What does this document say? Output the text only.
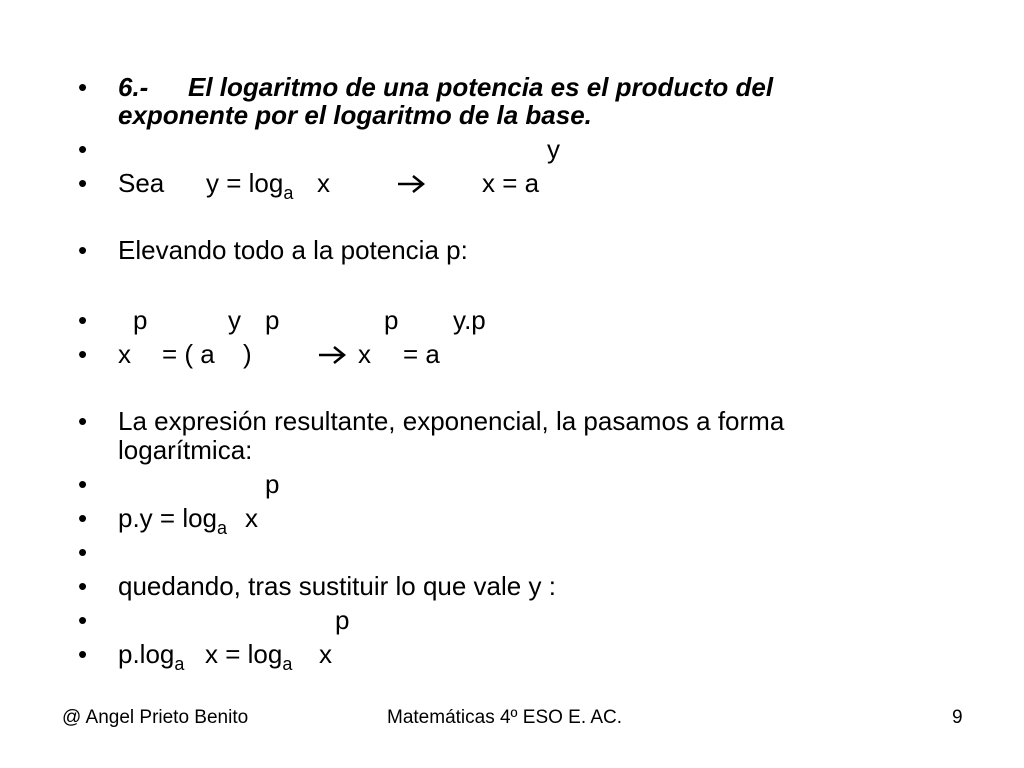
• 6.- El logaritmo de una potencia es el producto del
exponente por el logaritmo de la base.
•	y
• Sea $y = \log_a x$	x = a
• Elevando todo a la potencia p:
• p	y p	p y.p
• x = ( a )	x = a
• La expresión resultante, exponencial, la pasamos a forma
logarítmica:
•	p
• $p.y = \log_a x$
•
• quedando, tras sustituir lo que vale y :
•	p
• $p.\log_a$ $x = \log_a x$
@ Angel Prieto Benito	Matemáticas 4º ESO E. AC.	9
